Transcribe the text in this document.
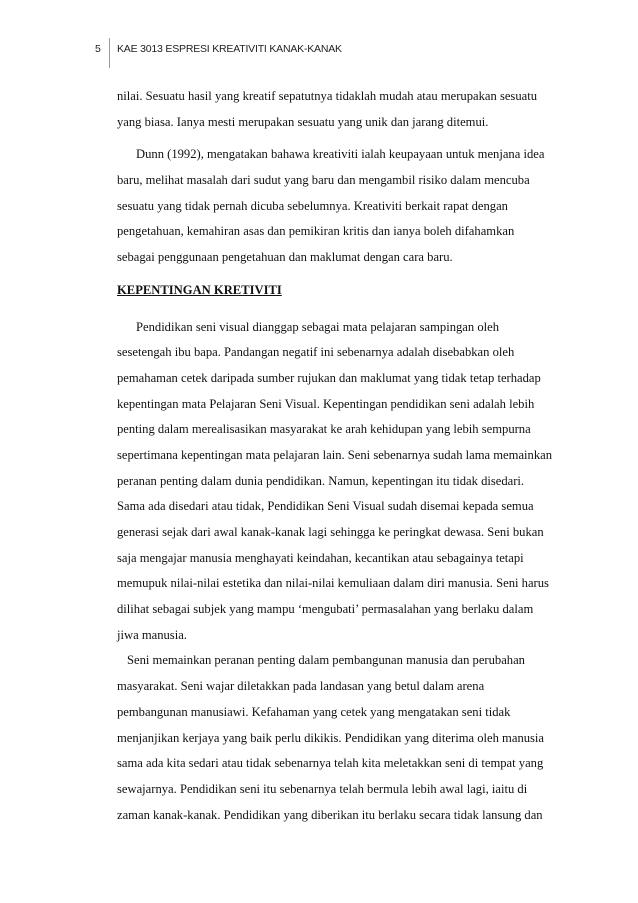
5	KAE 3013 ESPRESI KREATIVITI KANAK-KANAK
nilai. Sesuatu hasil yang kreatif sepatutnya tidaklah mudah atau merupakan sesuatu
yang biasa. Ianya mesti merupakan sesuatu yang unik dan jarang ditemui.
Dunn (1992), mengatakan bahawa kreativiti ialah keupayaan untuk menjana idea
baru, melihat masalah dari sudut yang baru dan mengambil risiko dalam mencuba
sesuatu yang tidak pernah dicuba sebelumnya. Kreativiti berkait rapat dengan
pengetahuan, kemahiran asas dan pemikiran kritis dan ianya boleh difahamkan
sebagai penggunaan pengetahuan dan maklumat dengan cara baru.
KEPENTINGAN KRETIVITI
Pendidikan seni visual dianggap sebagai mata pelajaran sampingan oleh
sesetengah ibu bapa. Pandangan negatif ini sebenarnya adalah disebabkan oleh
pemahaman cetek daripada sumber rujukan dan maklumat yang tidak tetap terhadap
kepentingan mata Pelajaran Seni Visual. Kepentingan pendidikan seni adalah lebih
penting dalam merealisasikan masyarakat ke arah kehidupan yang lebih sempurna
sepertimana kepentingan mata pelajaran lain. Seni sebenarnya sudah lama memainkan
peranan penting dalam dunia pendidikan. Namun, kepentingan itu tidak disedari.
Sama ada disedari atau tidak, Pendidikan Seni Visual sudah disemai kepada semua
generasi sejak dari awal kanak-kanak lagi sehingga ke peringkat dewasa. Seni bukan
saja mengajar manusia menghayati keindahan, kecantikan atau sebagainya tetapi
memupuk nilai-nilai estetika dan nilai-nilai kemuliaan dalam diri manusia. Seni harus
dilihat sebagai subjek yang mampu ‘mengubati’ permasalahan yang berlaku dalam
jiwa manusia.
Seni memainkan peranan penting dalam pembangunan manusia dan perubahan
masyarakat. Seni wajar diletakkan pada landasan yang betul dalam arena
pembangunan manusiawi. Kefahaman yang cetek yang mengatakan seni tidak
menjanjikan kerjaya yang baik perlu dikikis. Pendidikan yang diterima oleh manusia
sama ada kita sedari atau tidak sebenarnya telah kita meletakkan seni di tempat yang
sewajarnya. Pendidikan seni itu sebenarnya telah bermula lebih awal lagi, iaitu di
zaman kanak-kanak. Pendidikan yang diberikan itu berlaku secara tidak lansung dan
